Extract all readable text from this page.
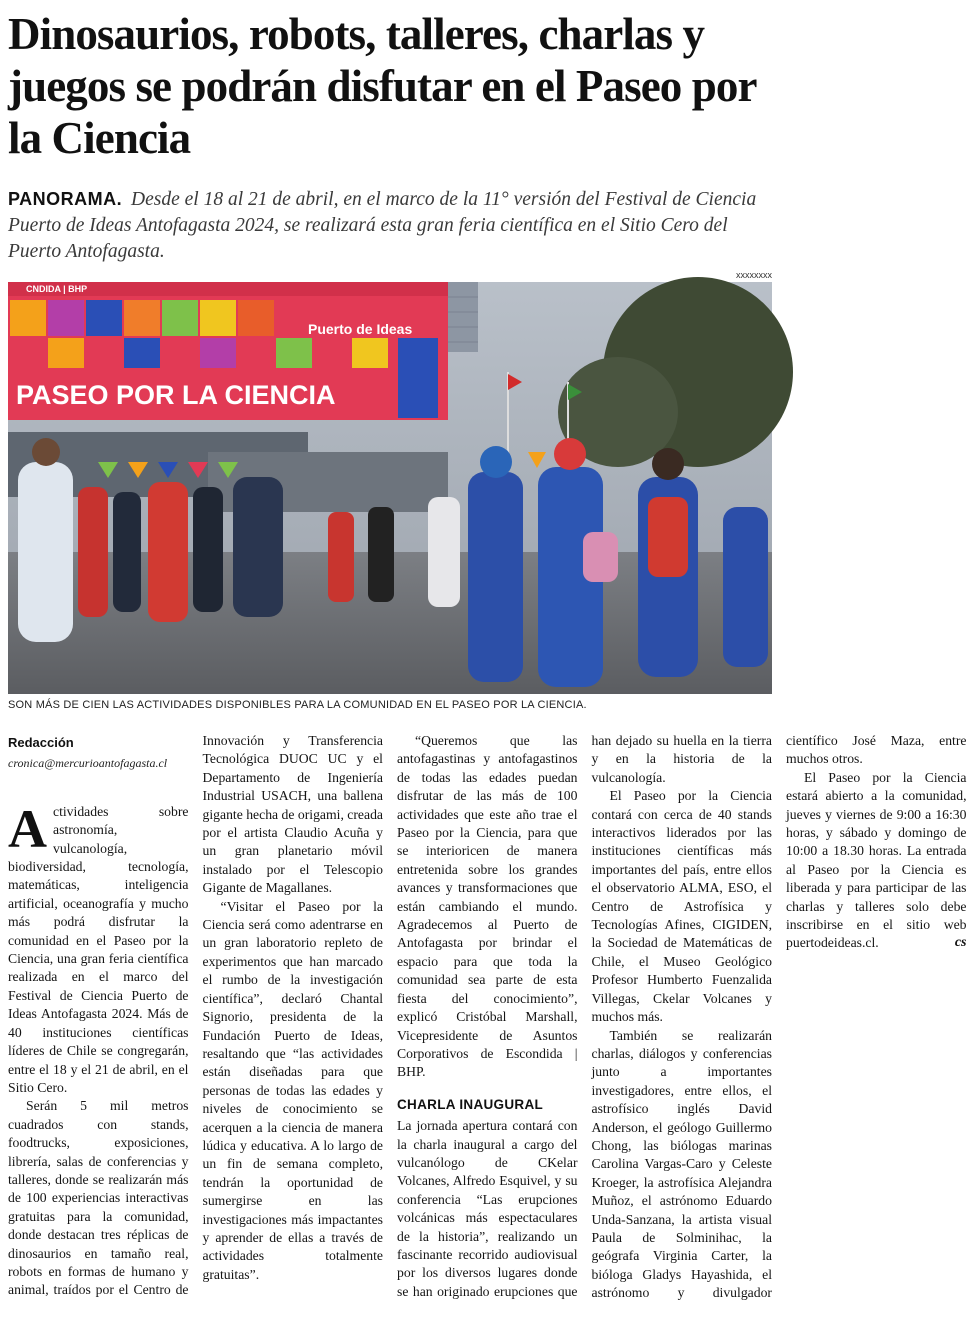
Dinosaurios, robots, talleres, charlas y juegos se podrán disfutar en el Paseo por la Ciencia

PANORAMA. Desde el 18 al 21 de abril, en el marco de la 11° versión del Festival de Ciencia Puerto de Ideas Antofagasta 2024, se realizará esta gran feria científica en el Sitio Cero del Puerto Antofagasta.

xxxxxxxx
CNDIDA | BHP
Puerto de Ideas
PASEO POR LA CIENCIA
SON MÁS DE CIEN LAS ACTIVIDADES DISPONIBLES PARA LA COMUNIDAD EN EL PASEO POR LA CIENCIA.
Redacción
cronica@mercurioantofagasta.cl

Actividades sobre astronomía, vulcanología, biodiversidad, tecnología, matemáticas, inteligencia artificial, oceanografía y mucho más podrá disfrutar la comunidad en el Paseo por la Ciencia, una gran feria científica realizada en el marco del Festival de Ciencia Puerto de Ideas Antofagasta 2024. Más de 40 instituciones científicas líderes de Chile se congregarán, entre el 18 y el 21 de abril, en el Sitio Cero.

Serán 5 mil metros cuadrados con stands, foodtrucks, exposiciones, librería, salas de conferencias y talleres, donde se realizarán más de 100 experiencias interactivas gratuitas para la comunidad, donde destacan tres réplicas de dinosaurios en tamaño real, robots en formas de humano y animal, traídos por el Centro de Innovación y Transferencia Tecnológica DUOC UC y el Departamento de Ingeniería Industrial USACH, una ballena gigante hecha de origami, creada por el artista Claudio Acuña y un gran planetario móvil instalado por el Telescopio Gigante de Magallanes.

“Visitar el Paseo por la Ciencia será como adentrarse en un gran laboratorio repleto de experimentos que han marcado el rumbo de la investigación científica”, declaró Chantal Signorio, presidenta de la Fundación Puerto de Ideas, resaltando que “las actividades están diseñadas para que personas de todas las edades y niveles de conocimiento se acerquen a la ciencia de manera lúdica y educativa. A lo largo de un fin de semana completo, tendrán la oportunidad de sumergirse en las investigaciones más impactantes y aprender de ellas a través de actividades totalmente gratuitas”.

“Queremos que las antofagastinas y antofagastinos de todas las edades puedan disfrutar de las más de 100 actividades que este año trae el Paseo por la Ciencia, para que se interioricen de manera entretenida sobre los grandes avances y transformaciones que están cambiando el mundo. Agradecemos al Puerto de Antofagasta por brindar el espacio para que toda la comunidad sea parte de esta fiesta del conocimiento”, explicó Cristóbal Marshall, Vicepresidente de Asuntos Corporativos de Escondida | BHP.

CHARLA INAUGURAL

La jornada apertura contará con la charla inaugural a cargo del vulcanólogo de CKelar Volcanes, Alfredo Esquivel, y su conferencia “Las erupciones volcánicas más espectaculares de la historia”, realizando un fascinante recorrido audiovisual por los diversos lugares donde se han originado erupciones que han dejado su huella en la tierra y en la historia de la vulcanología.

El Paseo por la Ciencia contará con cerca de 40 stands interactivos liderados por las instituciones científicas más importantes del país, entre ellos el observatorio ALMA, ESO, el Centro de Astrofísica y Tecnologías Afines, CIGIDEN, la Sociedad de Matemáticas de Chile, el Museo Geológico Profesor Humberto Fuenzalida Villegas, Ckelar Volcanes y muchos más.

También se realizarán charlas, diálogos y conferencias junto a importantes investigadores, entre ellos, el astrofísico inglés David Anderson, el geólogo Guillermo Chong, las biólogas marinas Carolina Vargas-Caro y Celeste Kroeger, la astrofísica Alejandra Muñoz, el astrónomo Eduardo Unda-Sanzana, la artista visual Paula de Solminihac, la geógrafa Virginia Carter, la bióloga Gladys Hayashida, el astrónomo y divulgador científico José Maza, entre muchos otros.

El Paseo por la Ciencia estará abierto a la comunidad, jueves y viernes de 9:00 a 16:30 horas, y sábado y domingo de 10:00 a 18.30 horas. La entrada al Paseo por la Ciencia es liberada y para participar de las charlas y talleres solo debe inscribirse en el sitio web puertodeideas.cl.	cs
